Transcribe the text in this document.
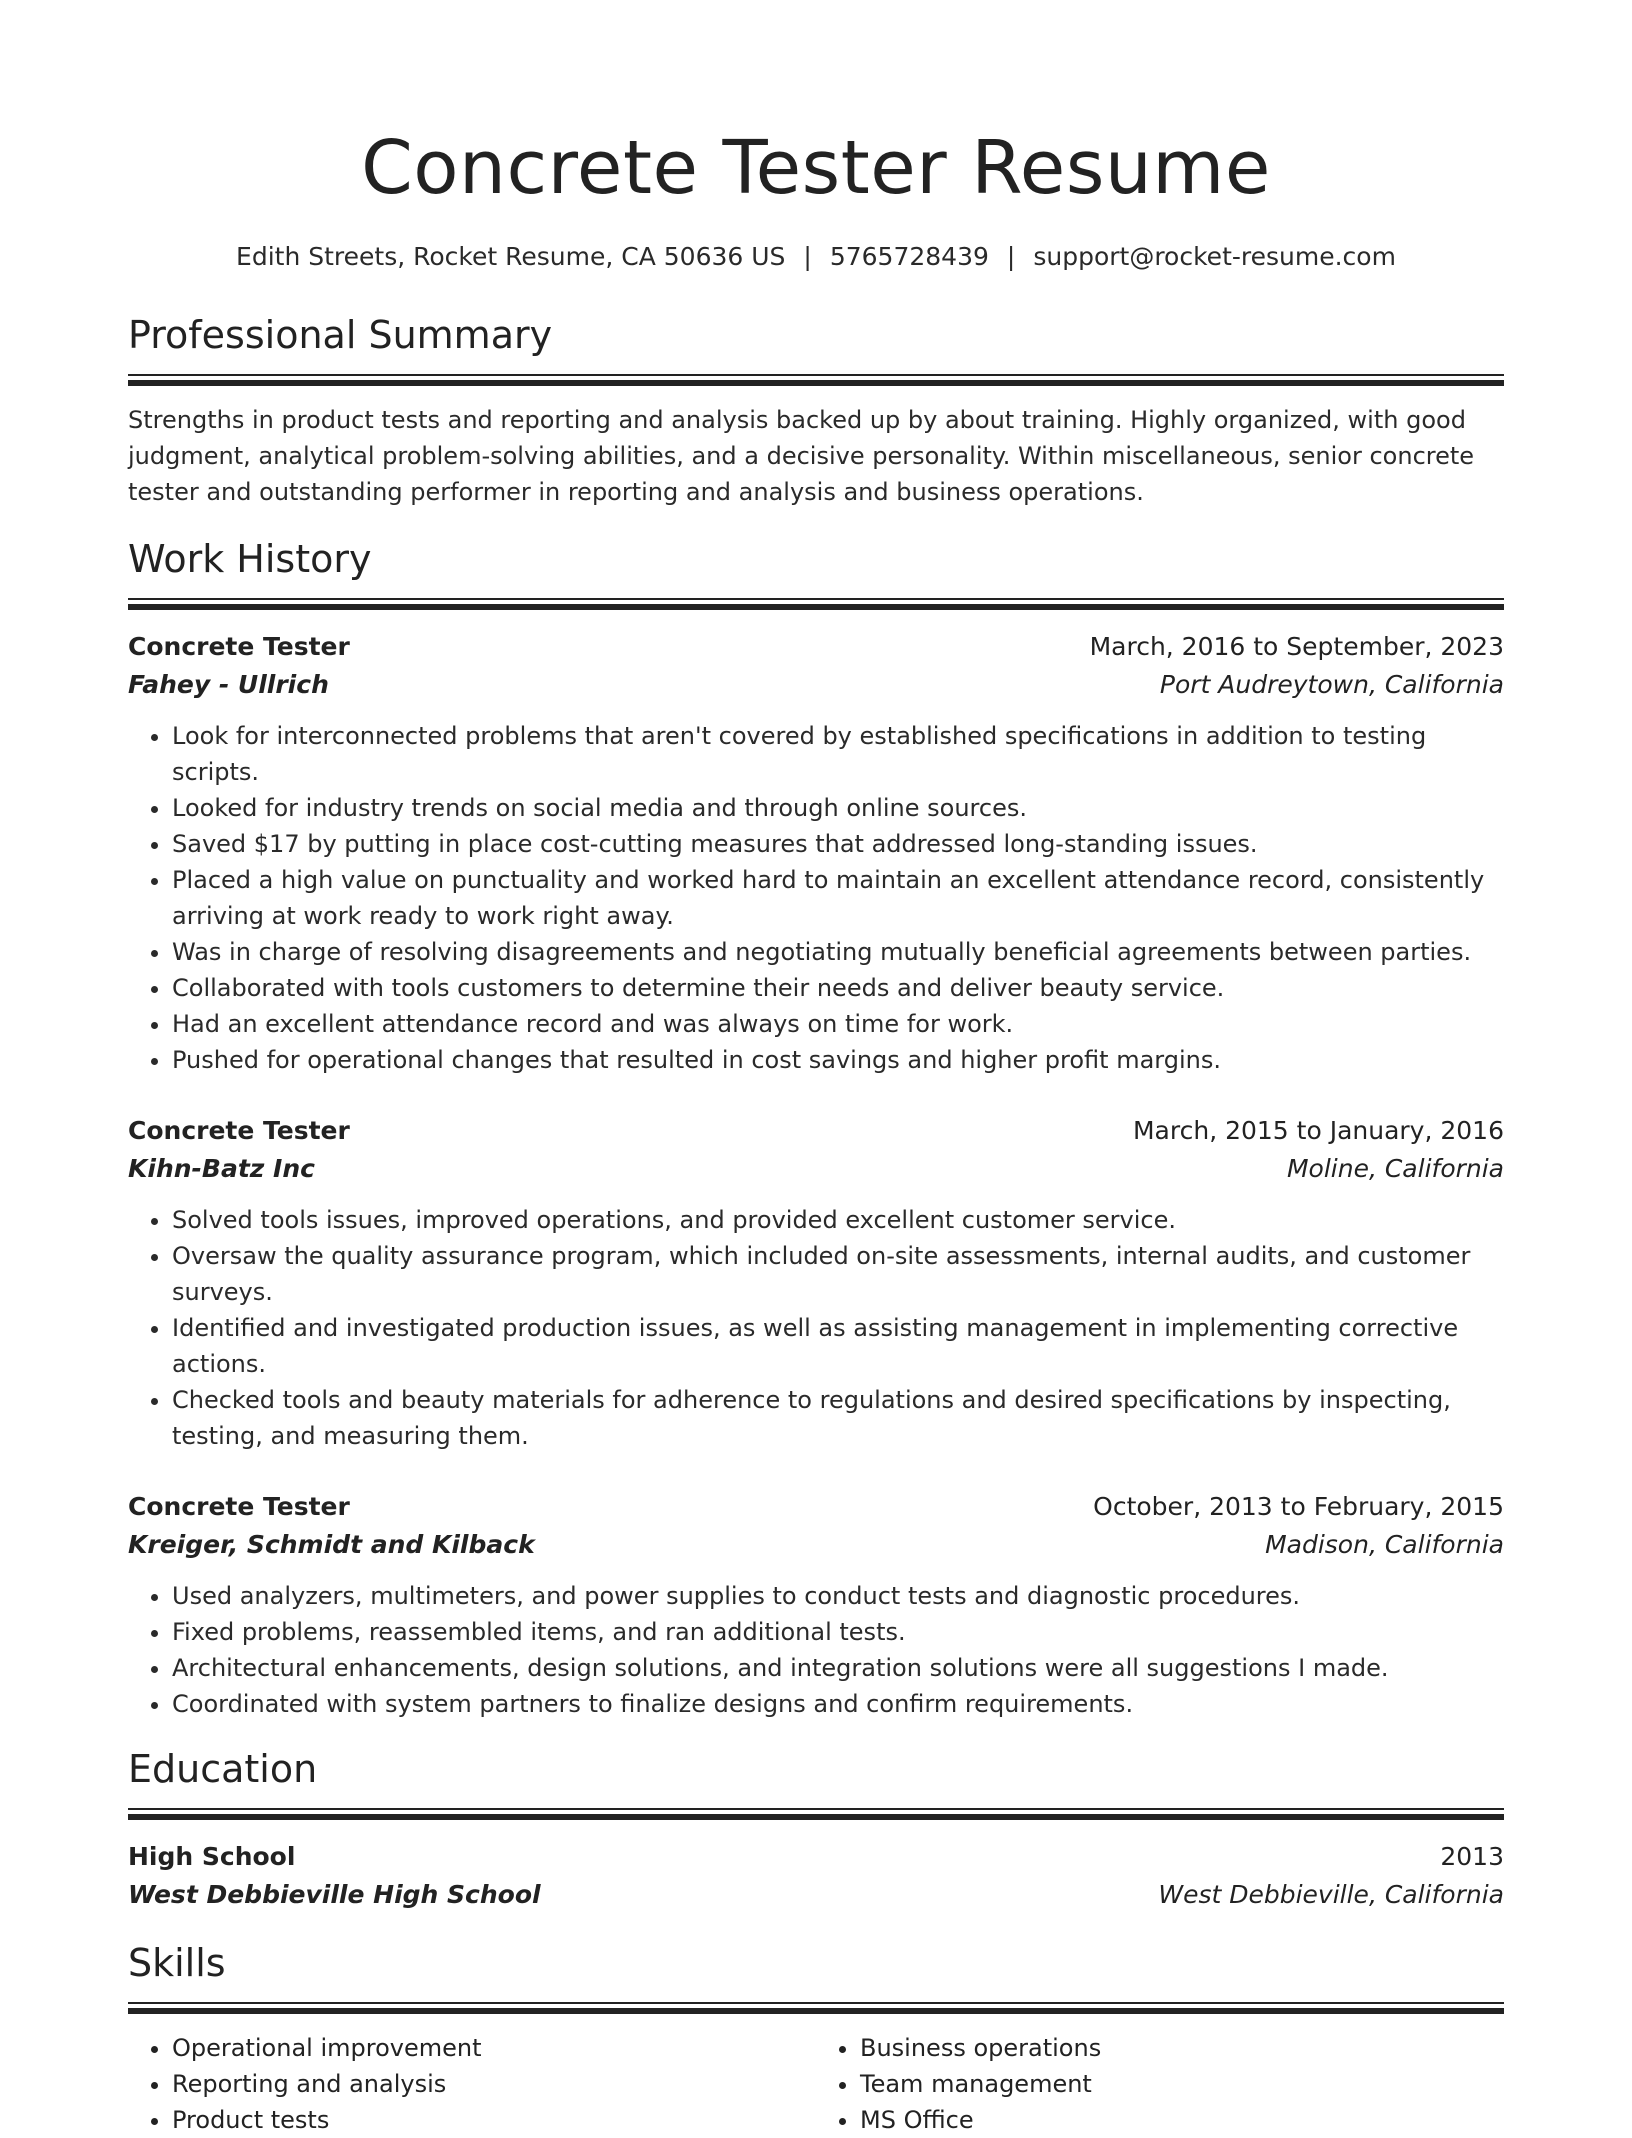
Concrete Tester Resume
Edith Streets, Rocket Resume, CA 50636 US | 5765728439 | support@rocket-resume.com
Professional Summary
Strengths in product tests and reporting and analysis backed up by about training. Highly organized, with good judgment, analytical problem-solving abilities, and a decisive personality. Within miscellaneous, senior concrete tester and outstanding performer in reporting and analysis and business operations.
Work History
Concrete Tester	March, 2016 to September, 2023
Fahey - Ullrich	Port Audreytown, California
• Look for interconnected problems that aren't covered by established specifications in addition to testing scripts.
• Looked for industry trends on social media and through online sources.
• Saved $17 by putting in place cost-cutting measures that addressed long-standing issues.
• Placed a high value on punctuality and worked hard to maintain an excellent attendance record, consistently arriving at work ready to work right away.
• Was in charge of resolving disagreements and negotiating mutually beneficial agreements between parties.
• Collaborated with tools customers to determine their needs and deliver beauty service.
• Had an excellent attendance record and was always on time for work.
• Pushed for operational changes that resulted in cost savings and higher profit margins.
Concrete Tester	March, 2015 to January, 2016
Kihn-Batz Inc	Moline, California
• Solved tools issues, improved operations, and provided excellent customer service.
• Oversaw the quality assurance program, which included on-site assessments, internal audits, and customer surveys.
• Identified and investigated production issues, as well as assisting management in implementing corrective actions.
• Checked tools and beauty materials for adherence to regulations and desired specifications by inspecting, testing, and measuring them.
Concrete Tester	October, 2013 to February, 2015
Kreiger, Schmidt and Kilback	Madison, California
• Used analyzers, multimeters, and power supplies to conduct tests and diagnostic procedures.
• Fixed problems, reassembled items, and ran additional tests.
• Architectural enhancements, design solutions, and integration solutions were all suggestions I made.
• Coordinated with system partners to finalize designs and confirm requirements.
Education
High School	2013
West Debbieville High School	West Debbieville, California
Skills
• Operational improvement
• Reporting and analysis
• Product tests
• Business operations
• Team management
• MS Office
